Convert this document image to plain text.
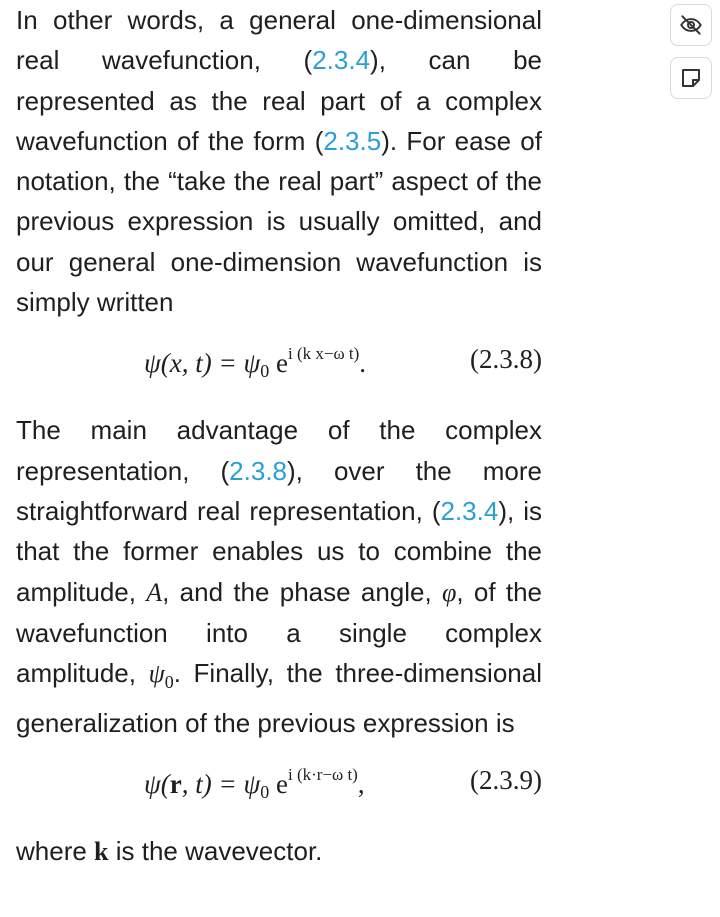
In other words, a general one-dimensional real wavefunction, (2.3.4), can be represented as the real part of a complex wavefunction of the form (2.3.5). For ease of notation, the “take the real part” aspect of the previous expression is usually omitted, and our general one-dimension wavefunction is simply written

ψ(x, $t) = \psi_0$ $e^{i (k x-\omega t)}$.	(2.3.8)

The main advantage of the complex representation, (2.3.8), over the more straightforward real representation, (2.3.4), is that the former enables us to combine the amplitude, A, and the phase angle, φ, of the wavefunction into a single complex amplitude, $\psi_0$. Finally, the three-dimensional generalization of the previous expression is

ψ(r, $t) = \psi_0$ $e^{i (k\cdot r-\omega t)}$,	(2.3.9)

where k is the wavevector.
